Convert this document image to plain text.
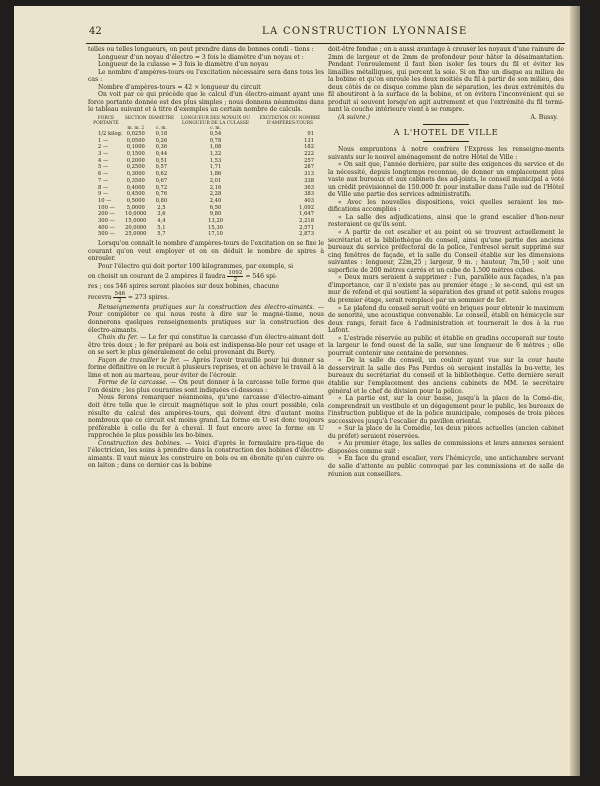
42	LA CONSTRUCTION LYONNAISE

telles ou telles longueurs, on peut prendre dans de bonnes condi - tions :

Longueur d'un noyau d'électro = 3 fois le diamètre d'un noyau et :

Longueur de la culasse = 3 fois le diamètre d'un noyau

Le nombre d'ampères-tours ou l'excitation nécessaire sera dans tous les cas :

Nombre d'ampères-tours = 42 × longueur du circuit

On voit par ce qui précède que le calcul d'un électro-aimant ayant une force portante donnée est des plus simples ; nous donnons néanmoins dans le tableau suivant et à titre d'exemples un certain nombre de calculs.

FORCE PORTANTE	SECTION	DIAMÈTRE	LONGUEUR DES NOYAUX OU LONGUEUR DE LA CULASSE	EXCITATION OU NOMBRE D'AMPÈRES-TOURS
	m. m. 2	c. m.	c. m.	
1/2 kilog.	0,0250	0,18	0,54	91
1 —	0,0500	0,26	0,78	131
2 —	0,1000	0,36	1,08	182
3 —	0,1500	0,44	1,32	222
4 —	0,2000	0,51	1,53	257
5 —	0,2500	0,57	1,71	287
6 —	0,3000	0,62	1,86	313
7 —	0,3500	0,67	2,01	338
8 —	0,4000	0,72	2,16	363
9 —	0,4500	0,76	2,28	383
10 —	0,5000	0,80	2,40	403
100 —	5,0000	2,5	6,50	1,092
200 —	10,0000	3,6	9,80	1,647
300 —	15,0000	4,4	13,20	2,218
400 —	20,0000	5,1	15,30	2,571
500 —	25,0000	5,7	17,10	2,873

Lorsqu'on connaît le nombre d'ampères-tours de l'excitation on se fixe le courant qu'on veut employer et on en déduit le nombre de spires à enrouler.

Pour l'électro qui doit porter 100 kilogrammes, par exemple, si

on choisit un courant de 2 ampères il faudra $\frac{1092}{2} = 546$ spi-

res ; ces 546 spires seront placées sur deux bobines, chacune

recevra $\frac{546}{2} = 273$ spires.

Renseignements pratiques sur la construction des électro-aimants. — Pour compléter ce qui nous reste à dire sur le magné-tisme, nous donnerons quelques renseignements pratiques sur la construction des électro-aimants.

Choix du fer. — Le fer qui constitue la carcasse d'un électro-aimant doit être très doux ; le fer préparé au bois est indispensa-ble pour cet usage et on se sert le plus généralement de celui provenant du Berry.

Façon de travailler le fer. — Après l'avoir travaillé pour lui donner sa forme définitive on le recuit à plusieurs reprises, et on achève le travail à la lime et non au marteau, pour éviter de l'écrouir.

Forme de la carcasse. — On peut donner à la carcasse telle forme que l'on désire ; les plus courantes sont indiquées ci-dessous :

Nous ferons remarquer néanmoins, qu'une carcasse d'électro-aimant doit être telle que le circuit magnétique soit le plus court possible, cela résulte du calcul des ampères-tours, qui doivent être d'autant moins nombreux que ce circuit est moins grand. La forme en U est donc toujours préférable à celle du fer à cheval. Il faut encore avec la forme en U rapprochée le plus possible les bo-bines.

Construction des bobines. — Voici d'après le formulaire pra-tique de l'électricien, les soins à prendre dans la construction des bobines d'électro-aimants. Il vaut mieux les construire en bois ou en ébonite qu'en cuivre ou en laiton ; dans ce dernier cas la bobine

doit-être fendue ; on a aussi avantage à creuser les noyaux d'une rainure de 2mm de largeur et de 2mm de profondeur pour hâter la désaimantation. Pendant l'enroulement il faut bien isoler les tours du fil et éviter les limailles métalliques, qui percent la soie. Si on fixe un disque au milieu de la bobine et qu'on enroule les deux moitiés du fil à partir de son milieu, des deux côtés de ce disque comme plan de séparation, les deux extrémités du fil aboutiront à la surface de la bobine, et on évitera l'inconvénient qui se produit si souvent lorsqu'on agit autrement et que l'extrémité du fil termi-nant la couche intérieure vient à se rompre.

(A suivre.)	A. Bussy.

A L'HOTEL DE VILLE

Nous empruntons à notre confrère l'Express les renseigne-ments suivants sur le nouvel aménagement de notre Hôtel de Ville :

« On sait que, l'année dernière, par suite des exigences du service et de la nécessité, depuis longtemps reconnue, de donner un emplacement plus vaste aux bureaux et aux cabinets des ad-joints, le conseil municipal a voté un crédit prévisionnel de 150.000 fr. pour installer dans l'aile sud de l'Hôtel de Ville une partie des services administratifs.

« Avec les nouvelles dispositions, voici quelles seraient les mo-difications accomplies :

« La salle des adjudications, ainsi que le grand escalier d'hon-neur resteraient ce qu'ils sont.

« A partir de cet escalier et au point où se trouvent actuellement le secrétariat et la bibliothèque du conseil, ainsi qu'une partie des anciens bureaux du service préfectoral de la police, l'entresol serait supprimé sur cinq fenêtres de façade, et la salle du Conseil établie sur les dimensions suivantes : longueur, 22m,25 ; largeur, 9 m. ; hauteur, 7m,50 ; soit une superficie de 200 mètres carrés et un cube de 1.500 mètres cubes.

« Deux murs seraient à supprimer : l'un, parallèle aux façades, n'a pas d'importance, car il n'existe pas au premier étage ; le se-cond, qui est un mur de refend et qui soutient la séparation des grand et petit salons rouges du premier étage, serait remplacé par un sommier de fer.

« Le plafond du conseil serait voûté en briques pour obtenir le maximum de sonorité, une acoustique convenable. Le conseil, établi en hémicycle sur deux rangs, ferait face à l'administration et tournerait le dos à la rue Lafont.

« L'estrade réservée au public et établie en gradins occuperait sur toute la largeur le fond ouest de la salle, sur une longueur de 6 mètres ; elle pourrait contenir une centaine de personnes.

« De la salle du conseil, un couloir ayant vue sur la cour haute desservirait la salle des Pas Perdus où seraient installés la bu-vette, les bureaux du secrétariat du conseil et la bibliothèque. Cette dernière serait établie sur l'emplacement des anciens cabinets de MM. le secrétaire général et le chef de division pour la police.

« La partie est, sur la cour basse, jusqu'à la place de la Comé-die, comprendrait un vestibule et un dégagement pour le public, les bureaux de l'instruction publique et de la police municipale, composés de trois pièces successives jusqu'à l'escalier du pavillon oriental.

« Sur la place de la Comédie, les deux pièces actuelles (ancien cabinet du préfet) seraient réservées.

« Au premier étage, les salles de commissions et leurs annexes seraient disposées comme suit :

« En face du grand escalier, vers l'hémicycle, une antichambre servant de salle d'attente au public convoqué par les commissions et de salle de réunion aux conseillers.
